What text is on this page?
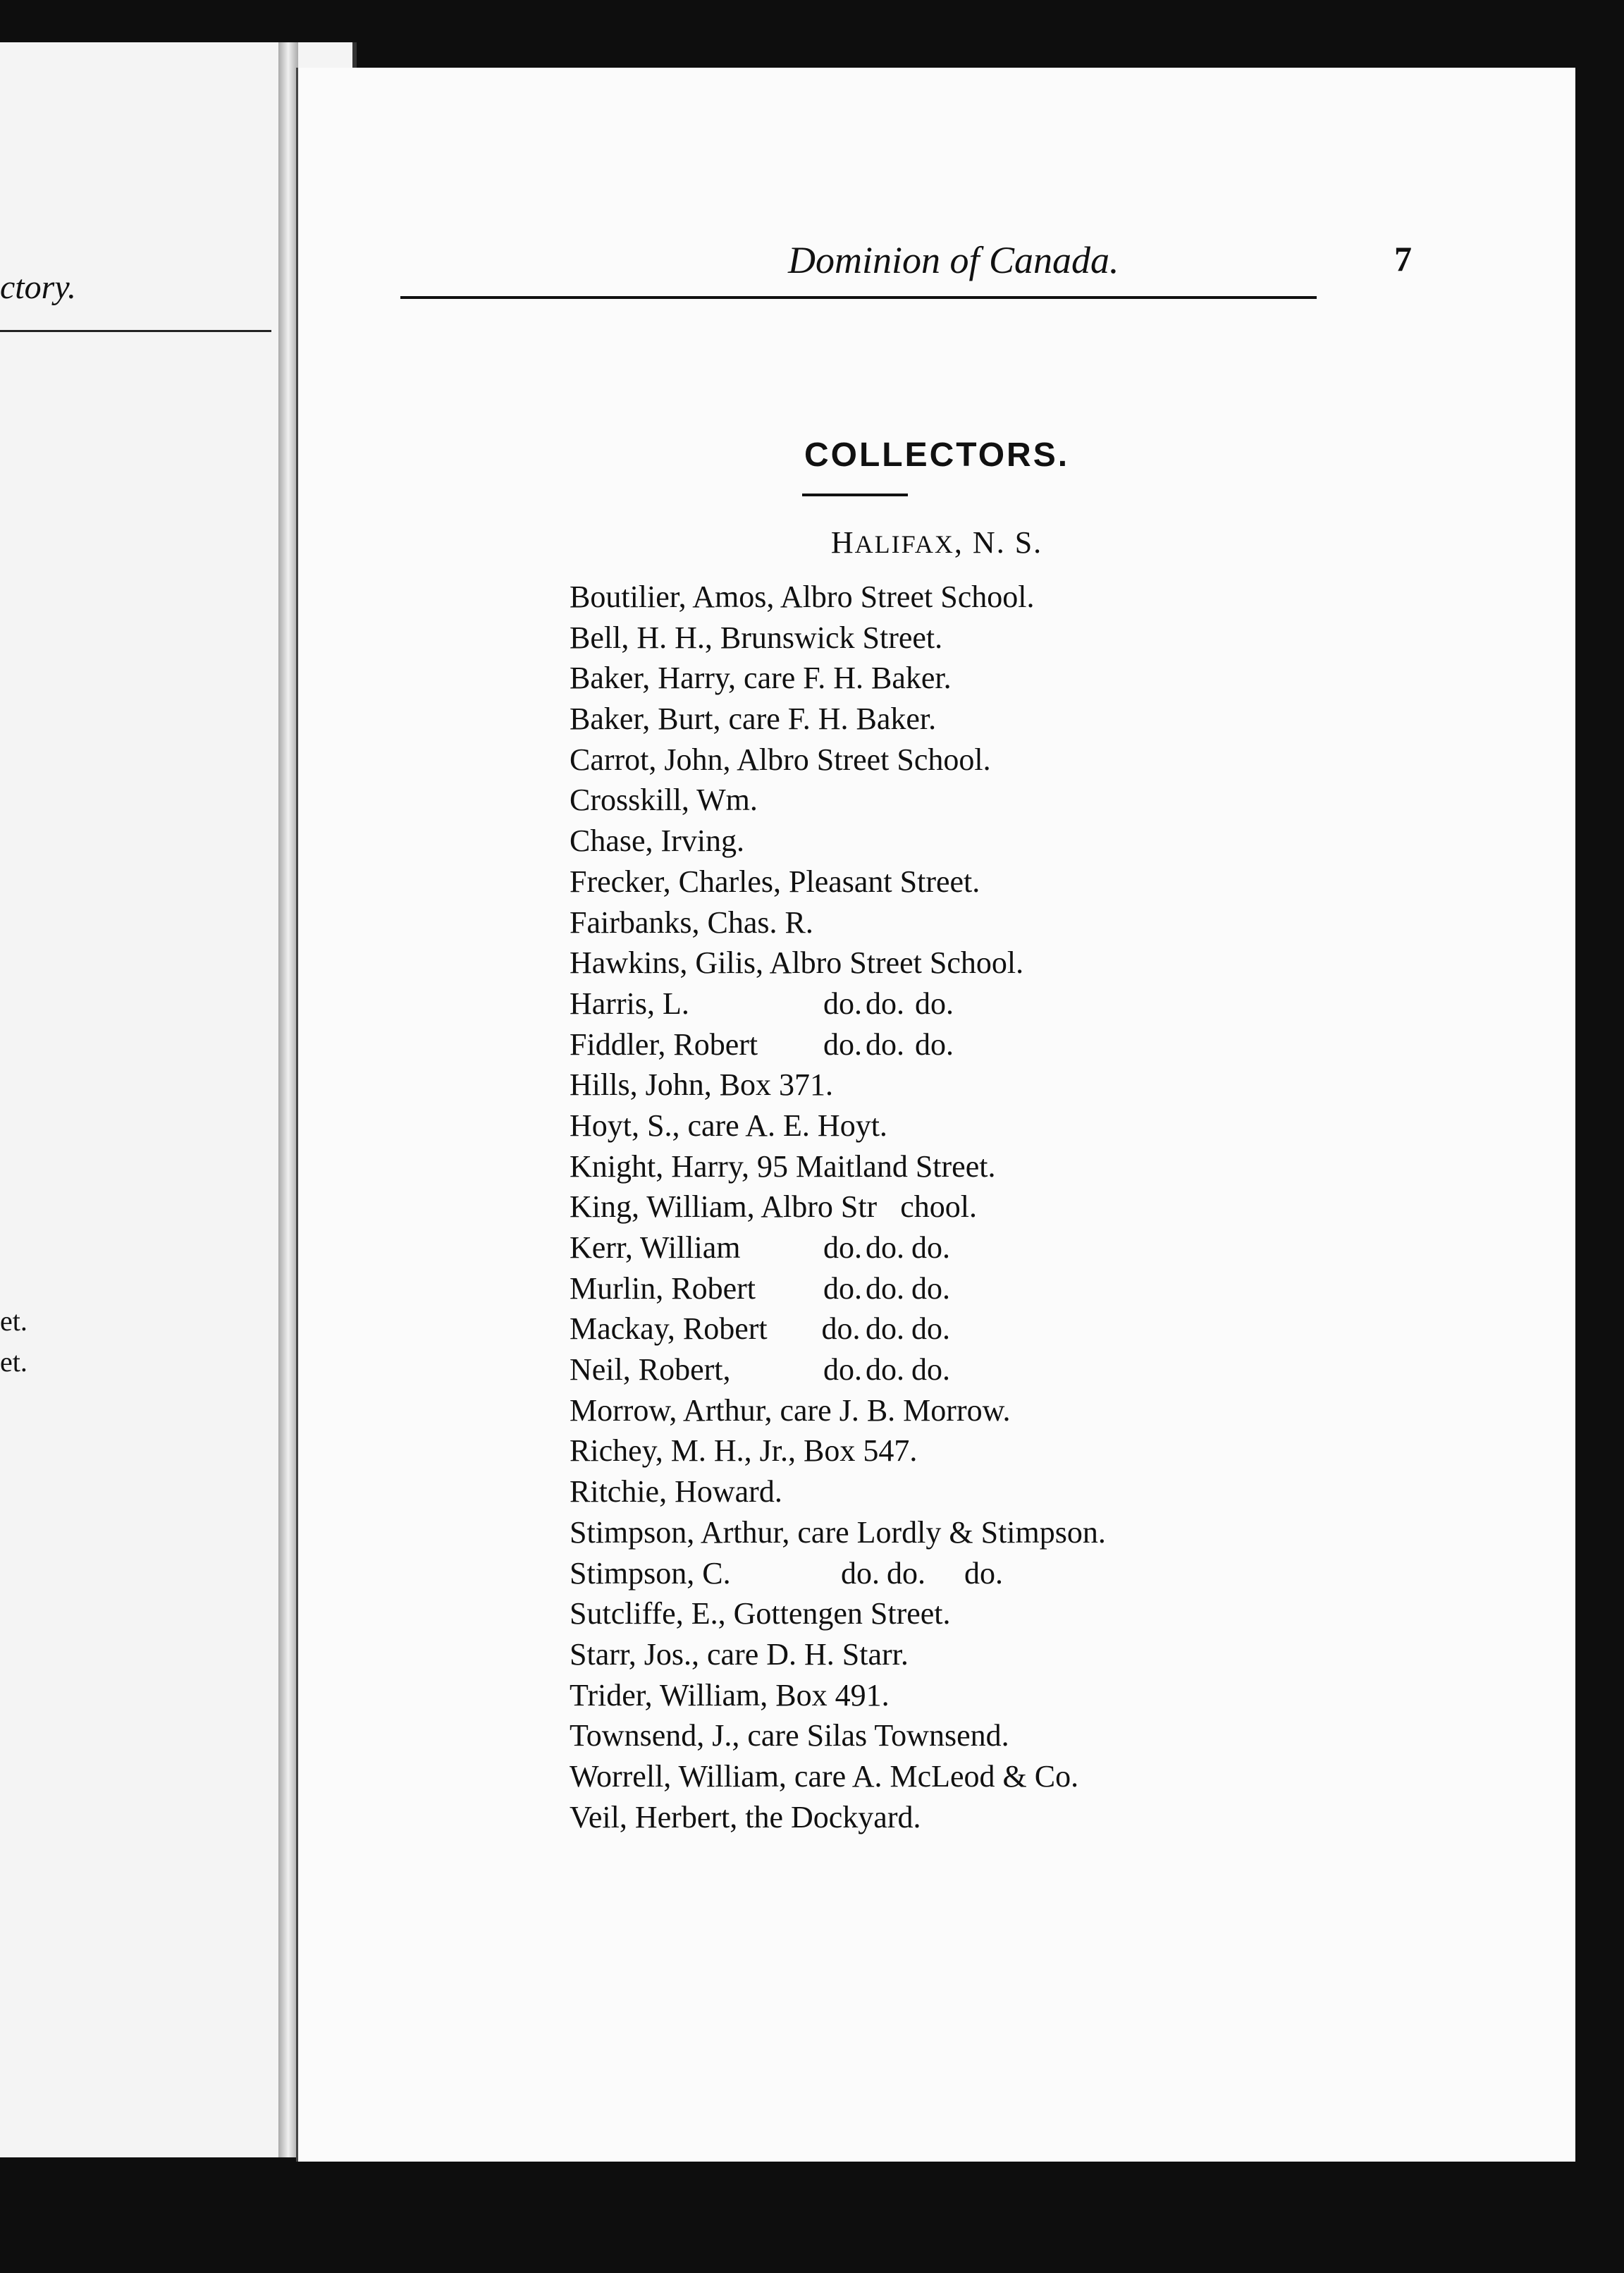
ctory.
et.
et.
Dominion of Canada.	7
COLLECTORS.
HALIFAX, N. S.
Boutilier, Amos, Albro Street School.
Bell, H. H., Brunswick Street.
Baker, Harry, care F. H. Baker.
Baker, Burt, care F. H. Baker.
Carrot, John, Albro Street School.
Crosskill, Wm.
Chase, Irving.
Frecker, Charles, Pleasant Street.
Fairbanks, Chas. R.
Hawkins, Gilis, Albro Street School.
Harris, L.	do. do. do.
Fiddler, Robert do. do. do.
Hills, John, Box 371.
Hoyt, S., care A. E. Hoyt.
Knight, Harry, 95 Maitland Street.
King, William, Albro Str   chool.
Kerr, William	do. do. do.
Murlin, Robert do. do. do.
Mackay, Robert do. do. do.
Neil, Robert,	do. do. do.
Morrow, Arthur, care J. B. Morrow.
Richey, M. H., Jr., Box 547.
Ritchie, Howard.
Stimpson, Arthur, care Lordly & Stimpson.
Stimpson, C.	do. do. do.
Sutcliffe, E., Gottengen Street.
Starr, Jos., care D. H. Starr.
Trider, William, Box 491.
Townsend, J., care Silas Townsend.
Worrell, William, care A. McLeod & Co.
Veil, Herbert, the Dockyard.
